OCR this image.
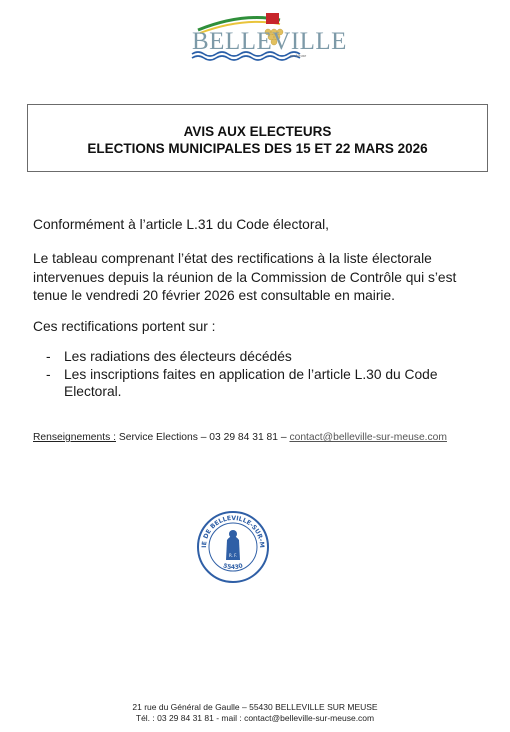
BELLEVILLE
sur Meuse
AVIS AUX ELECTEURS
ELECTIONS MUNICIPALES DES 15 ET 22 MARS 2026

Conformément à l’article L.31 du Code électoral,

Le tableau comprenant l’état des rectifications à la liste électorale intervenues depuis la réunion de la Commission de Contrôle qui s’est tenue le vendredi 20 février 2026 est consultable en mairie.

Ces rectifications portent sur :

- Les radiations des électeurs décédés
- Les inscriptions faites en application de l’article L.30 du Code Electoral.
Renseignements : Service Elections – 03 29 84 31 81 – contact@belleville-sur-meuse.com
IE DE BELLEVILLE-SUR-M
55430
R. F.
21 rue du Général de Gaulle – 55430 BELLEVILLE SUR MEUSE
Tél. : 03 29 84 31 81 - mail : contact@belleville-sur-meuse.com
